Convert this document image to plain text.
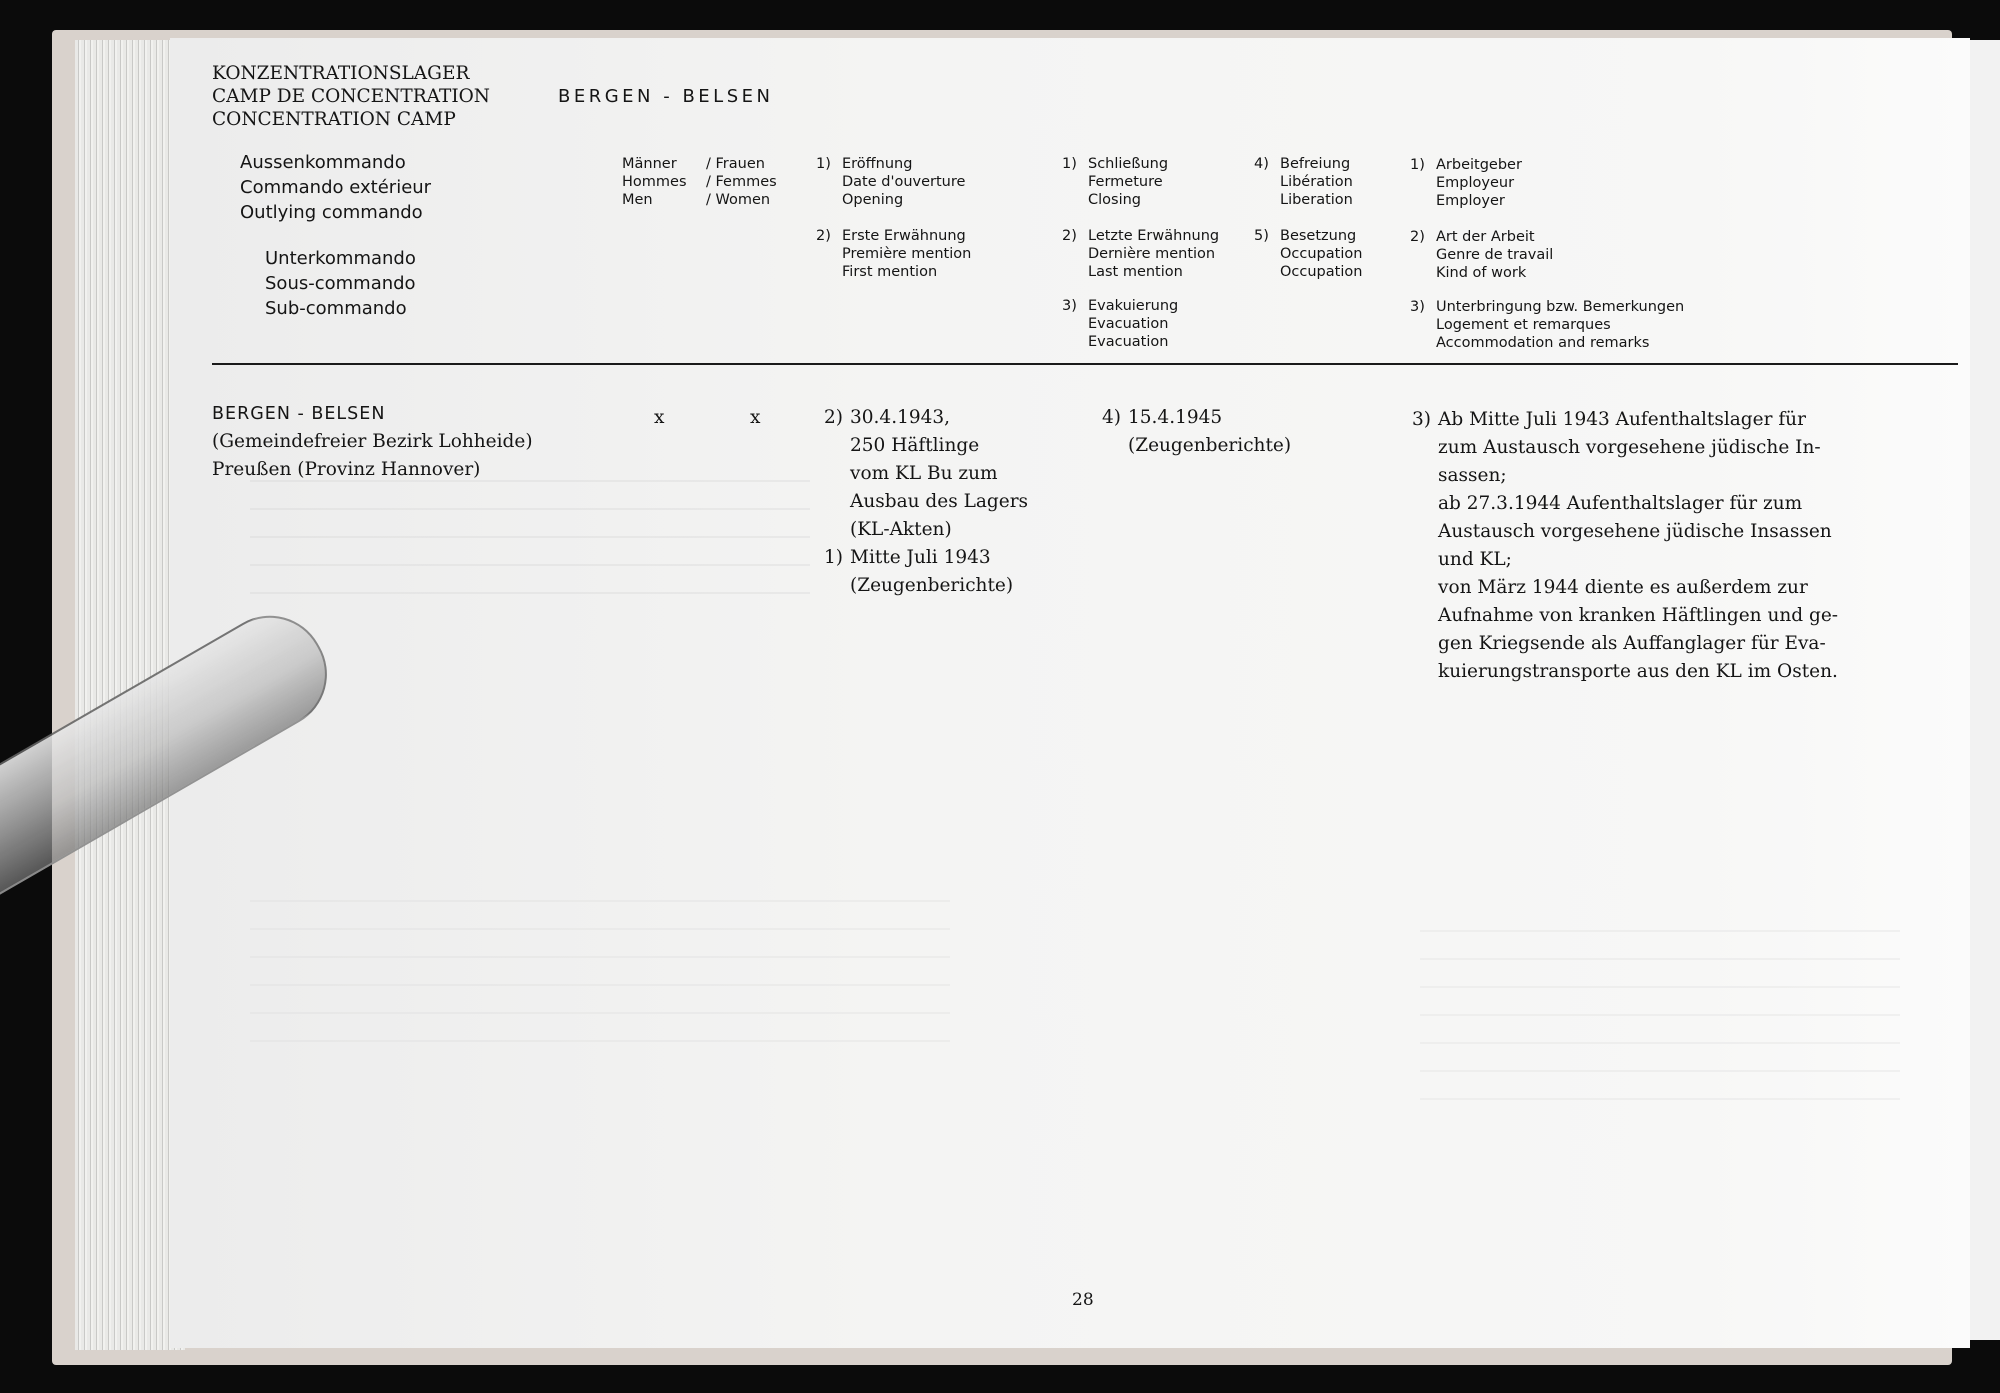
KONZENTRATIONSLAGER
CAMP DE CONCENTRATION
CONCENTRATION CAMP
BERGEN - BELSEN
Aussenkommando
Commando extérieur
Outlying commando
Unterkommando
Sous-commando
Sub-commando
Männer
Hommes
Men
/ Frauen
/ Femmes
/ Women
1) Eröffnung
Date d'ouverture
Opening
2) Erste Erwähnung
Première mention
First mention
1) Schließung
Fermeture
Closing
2) Letzte Erwähnung
Dernière mention
Last mention
3) Evakuierung
Evacuation
Evacuation
4) Befreiung
Libération
Liberation
5) Besetzung
Occupation
Occupation
1) Arbeitgeber
Employeur
Employer
2) Art der Arbeit
Genre de travail
Kind of work
3) Unterbringung bzw. Bemerkungen
Logement et remarques
Accommodation and remarks
BERGEN - BELSEN
(Gemeindefreier Bezirk Lohheide)
Preußen (Provinz Hannover)
x	x	2) 30.4.1943,
250 Häftlinge
vom KL Bu zum
Ausbau des Lagers
(KL-Akten)
1) Mitte Juli 1943
(Zeugenberichte)
4) 15.4.1945
(Zeugenberichte)
3) Ab Mitte Juli 1943 Aufenthaltslager für
zum Austausch vorgesehene jüdische In-
sassen;
ab 27.3.1944 Aufenthaltslager für zum
Austausch vorgesehene jüdische Insassen
und KL;
von März 1944 diente es außerdem zur
Aufnahme von kranken Häftlingen und ge-
gen Kriegsende als Auffanglager für Eva-
kuierungstransporte aus den KL im Osten.
28
